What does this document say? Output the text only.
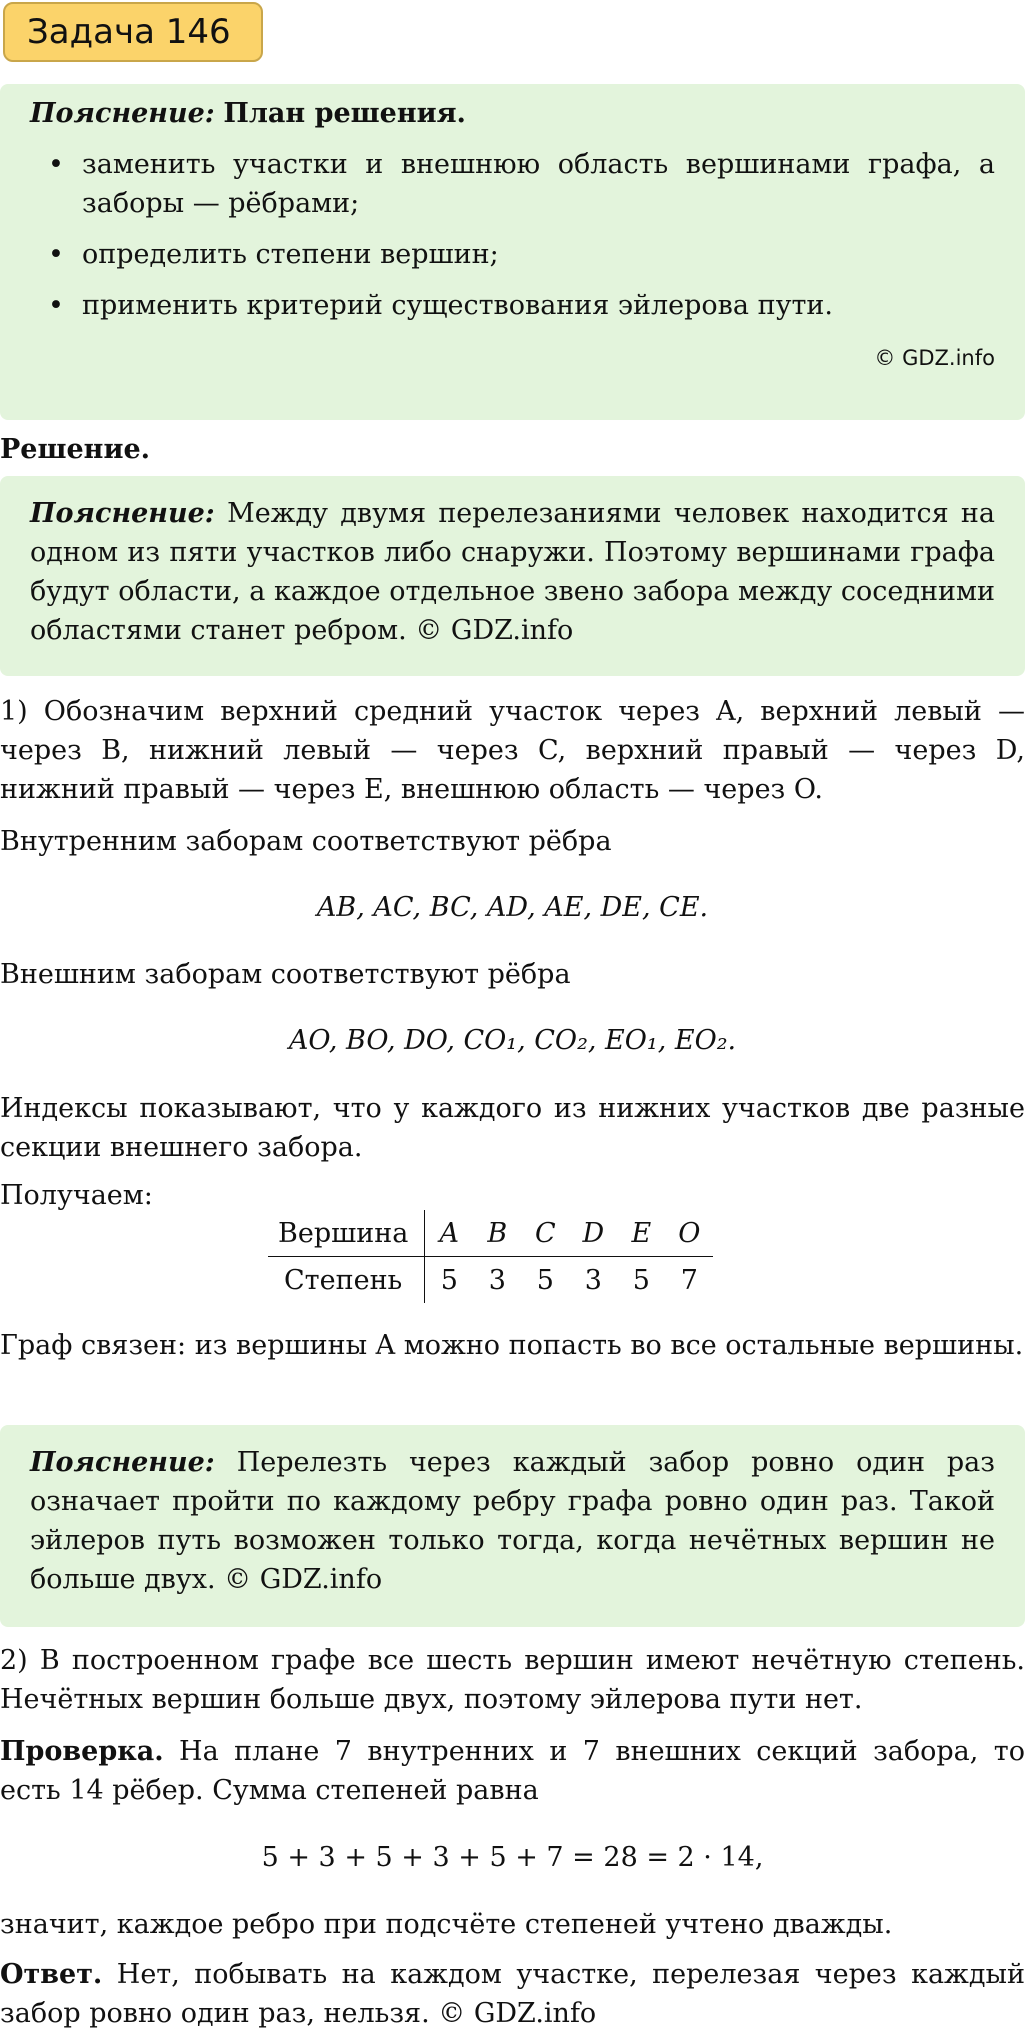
Задача 146
Пояснение: План решения.
• заменить участки и внешнюю область вершинами графа, а заборы — рёбрами;
• определить степени вершин;
• применить критерий существования эйлерова пути.
© GDZ.info
Решение.
Пояснение: Между двумя перелезаниями человек находится на одном из пяти участков либо снаружи. Поэтому вершинами графа будут области, а каждое отдельное звено забора между соседними областями станет ребром. © GDZ.info
1) Обозначим верхний средний участок через A, верхний левый — через B, нижний левый — через C, верхний правый — через D, нижний правый — через E, внешнюю область — через O.
Внутренним заборам соответствуют рёбра
AB, AC, BC, AD, AE, DE, CE.
Внешним заборам соответствуют рёбра
AO, BO, DO, CO₁, CO₂, EO₁, EO₂.
Индексы показывают, что у каждого из нижних участков две разные секции внешнего забора.
Получаем:
Вершина	A	B	C	D	E	O
Степень	5	3	5	3	5	7
Граф связен: из вершины A можно попасть во все остальные вершины.
Пояснение: Перелезть через каждый забор ровно один раз означает пройти по каждому ребру графа ровно один раз. Такой эйлеров путь возможен только тогда, когда нечётных вершин не больше двух. © GDZ.info
2) В построенном графе все шесть вершин имеют нечётную степень. Нечётных вершин больше двух, поэтому эйлерова пути нет.
Проверка. На плане 7 внутренних и 7 внешних секций забора, то есть 14 рёбер. Сумма степеней равна
5 + 3 + 5 + 3 + 5 + 7 = 28 = 2 · 14,
значит, каждое ребро при подсчёте степеней учтено дважды.
Ответ. Нет, побывать на каждом участке, перелезая через каждый забор ровно один раз, нельзя. © GDZ.info
